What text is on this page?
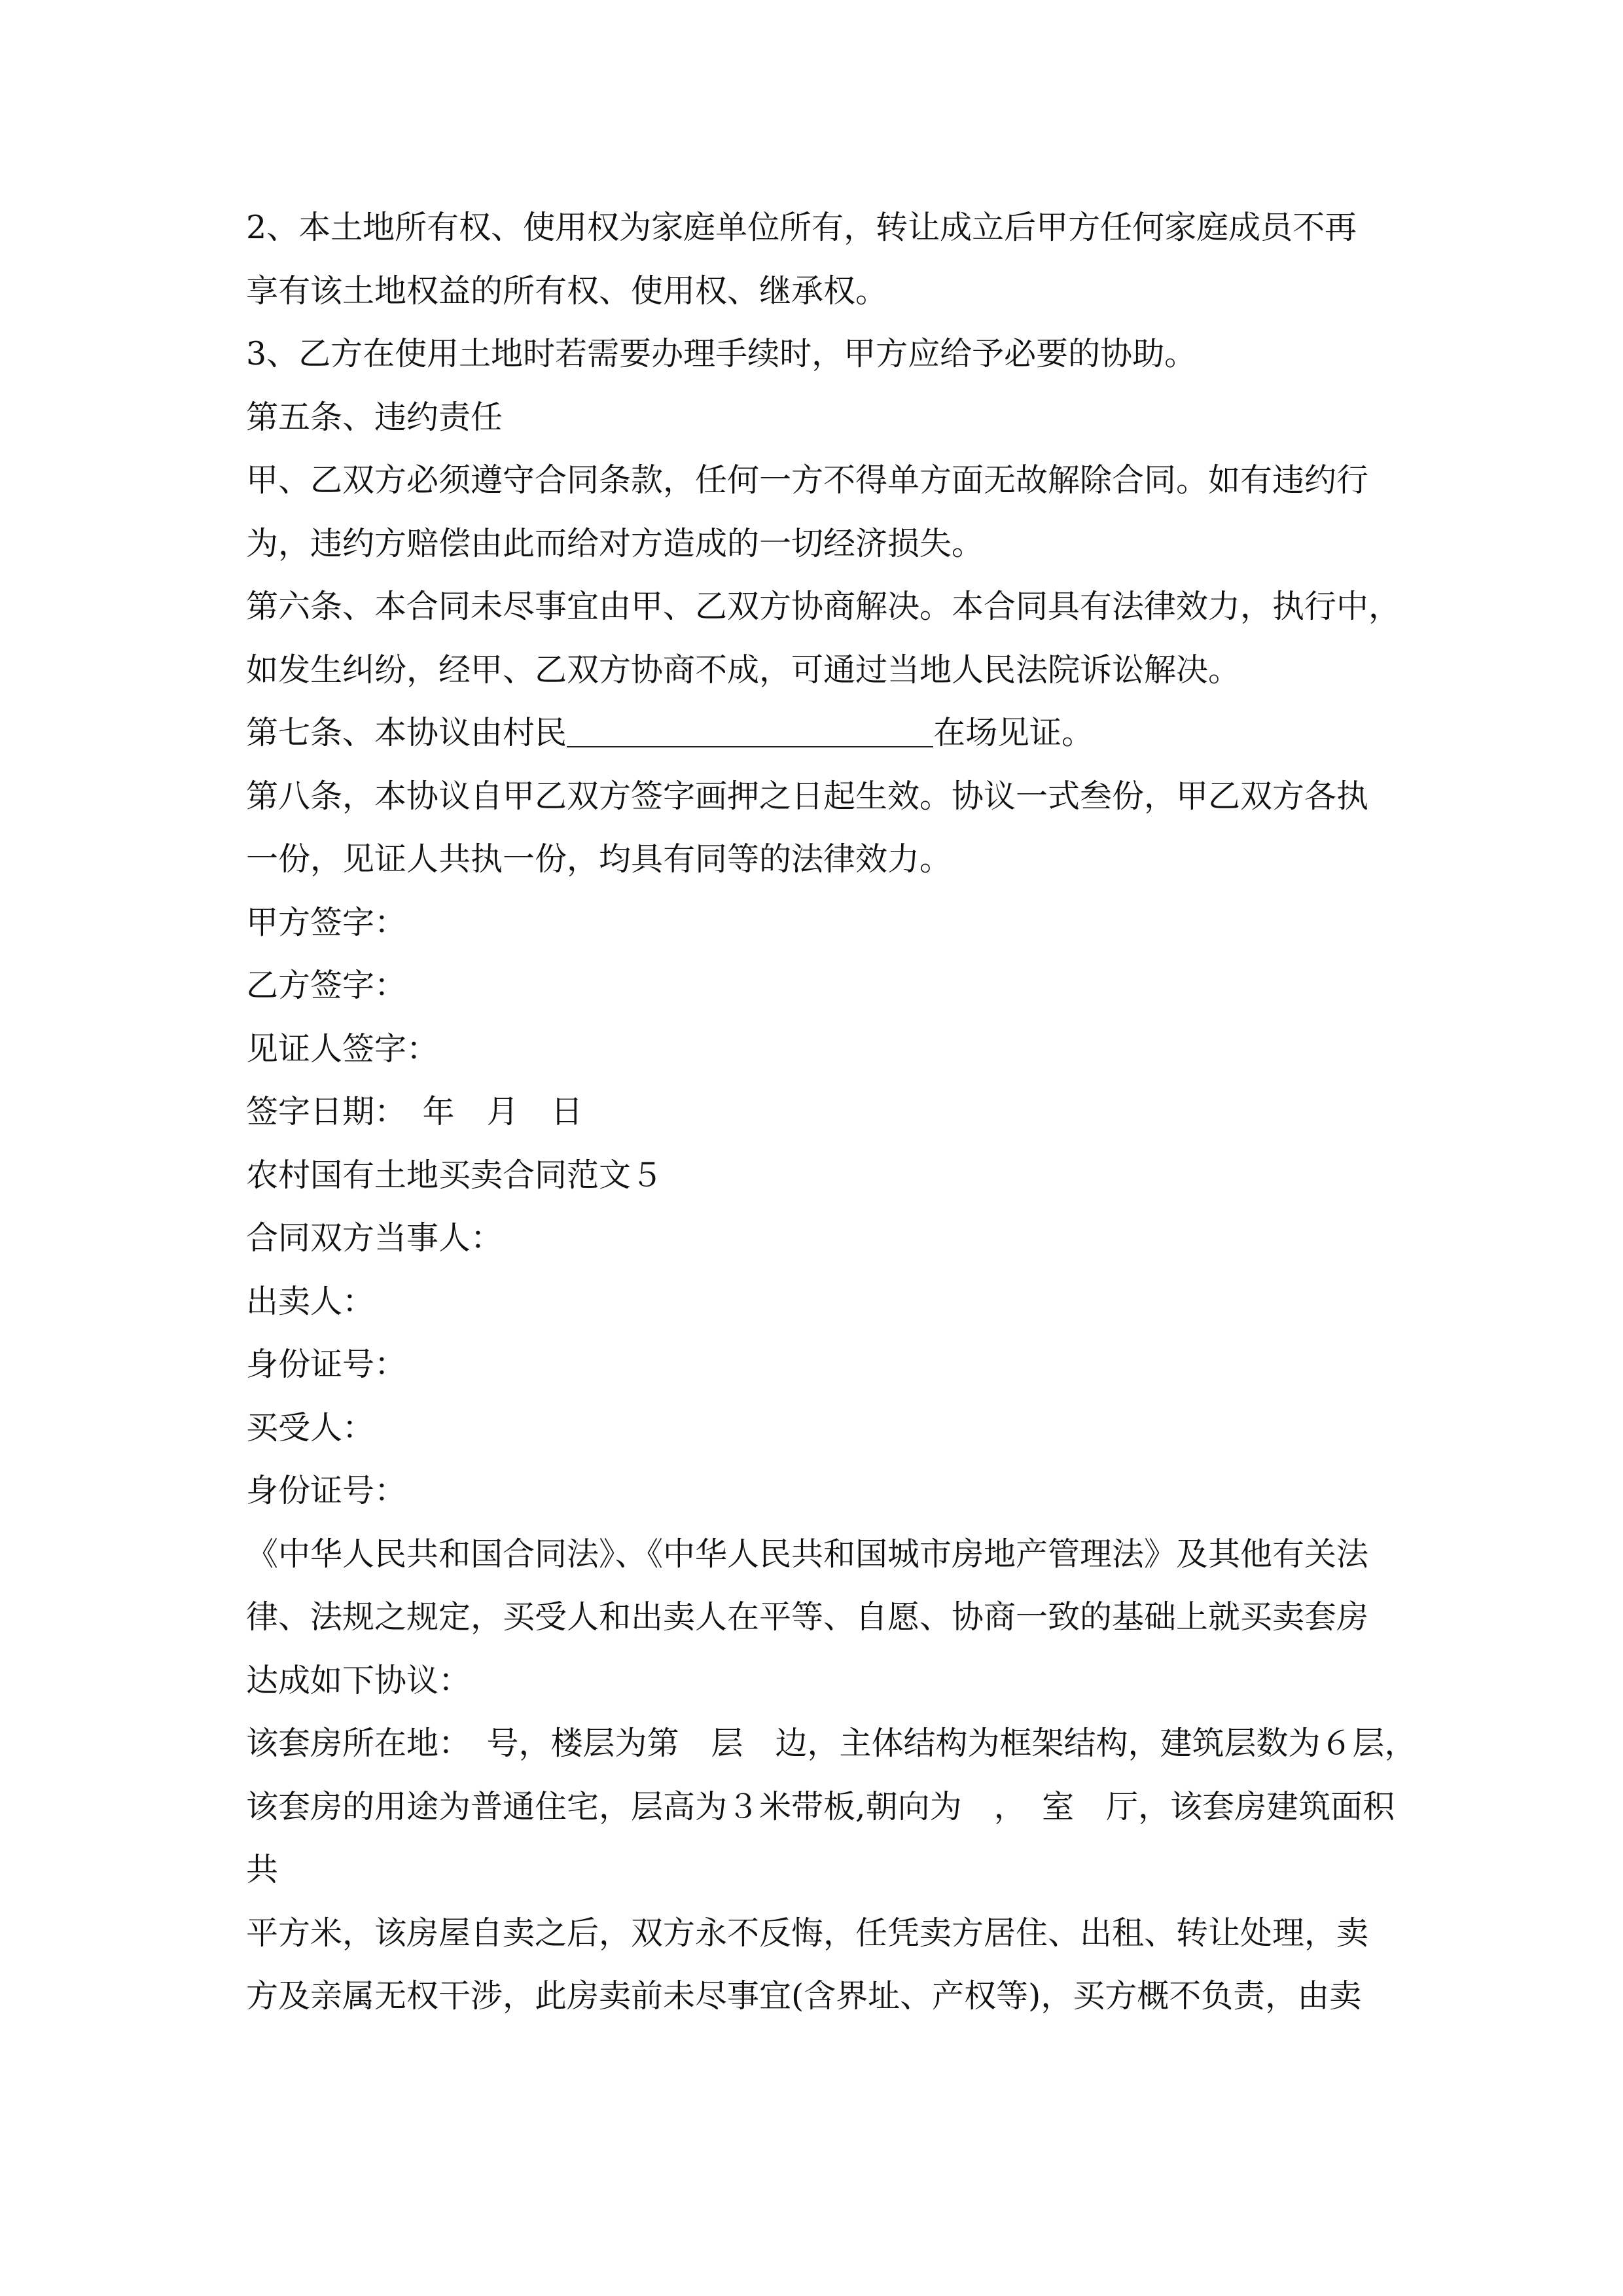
2、本土地所有权、使用权为家庭单位所有，转让成立后甲方任何家庭成员不再
享有该土地权益的所有权、使用权、继承权。
3、乙方在使用土地时若需要办理手续时，甲方应给予必要的协助。
第五条、违约责任
甲、乙双方必须遵守合同条款，任何一方不得单方面无故解除合同。如有违约行
为，违约方赔偿由此而给对方造成的一切经济损失。
第六条、本合同未尽事宜由甲、乙双方协商解决。本合同具有法律效力，执行中，
如发生纠纷，经甲、乙双方协商不成，可通过当地人民法院诉讼解决。
第七条、本协议由村民	在场见证。
第八条，本协议自甲乙双方签字画押之日起生效。协议一式叁份，甲乙双方各执
一份，见证人共执一份，均具有同等的法律效力。
甲方签字：
乙方签字：
见证人签字：
签字日期：　年　月　日
农村国有土地买卖合同范文５
合同双方当事人：
出卖人：
身份证号：
买受人：
身份证号：
《中华人民共和国合同法》、《中华人民共和国城市房地产管理法》及其他有关法
律、法规之规定，买受人和出卖人在平等、自愿、协商一致的基础上就买卖套房
达成如下协议：
该套房所在地：　号，楼层为第　层　边，主体结构为框架结构，建筑层数为６层，
该套房的用途为普通住宅，层高为３米带板,朝向为　，　室　厅，该套房建筑面积
共
平方米，该房屋自卖之后，双方永不反悔，任凭卖方居住、出租、转让处理，卖
方及亲属无权干涉，此房卖前未尽事宜(含界址、产权等)，买方概不负责，由卖
